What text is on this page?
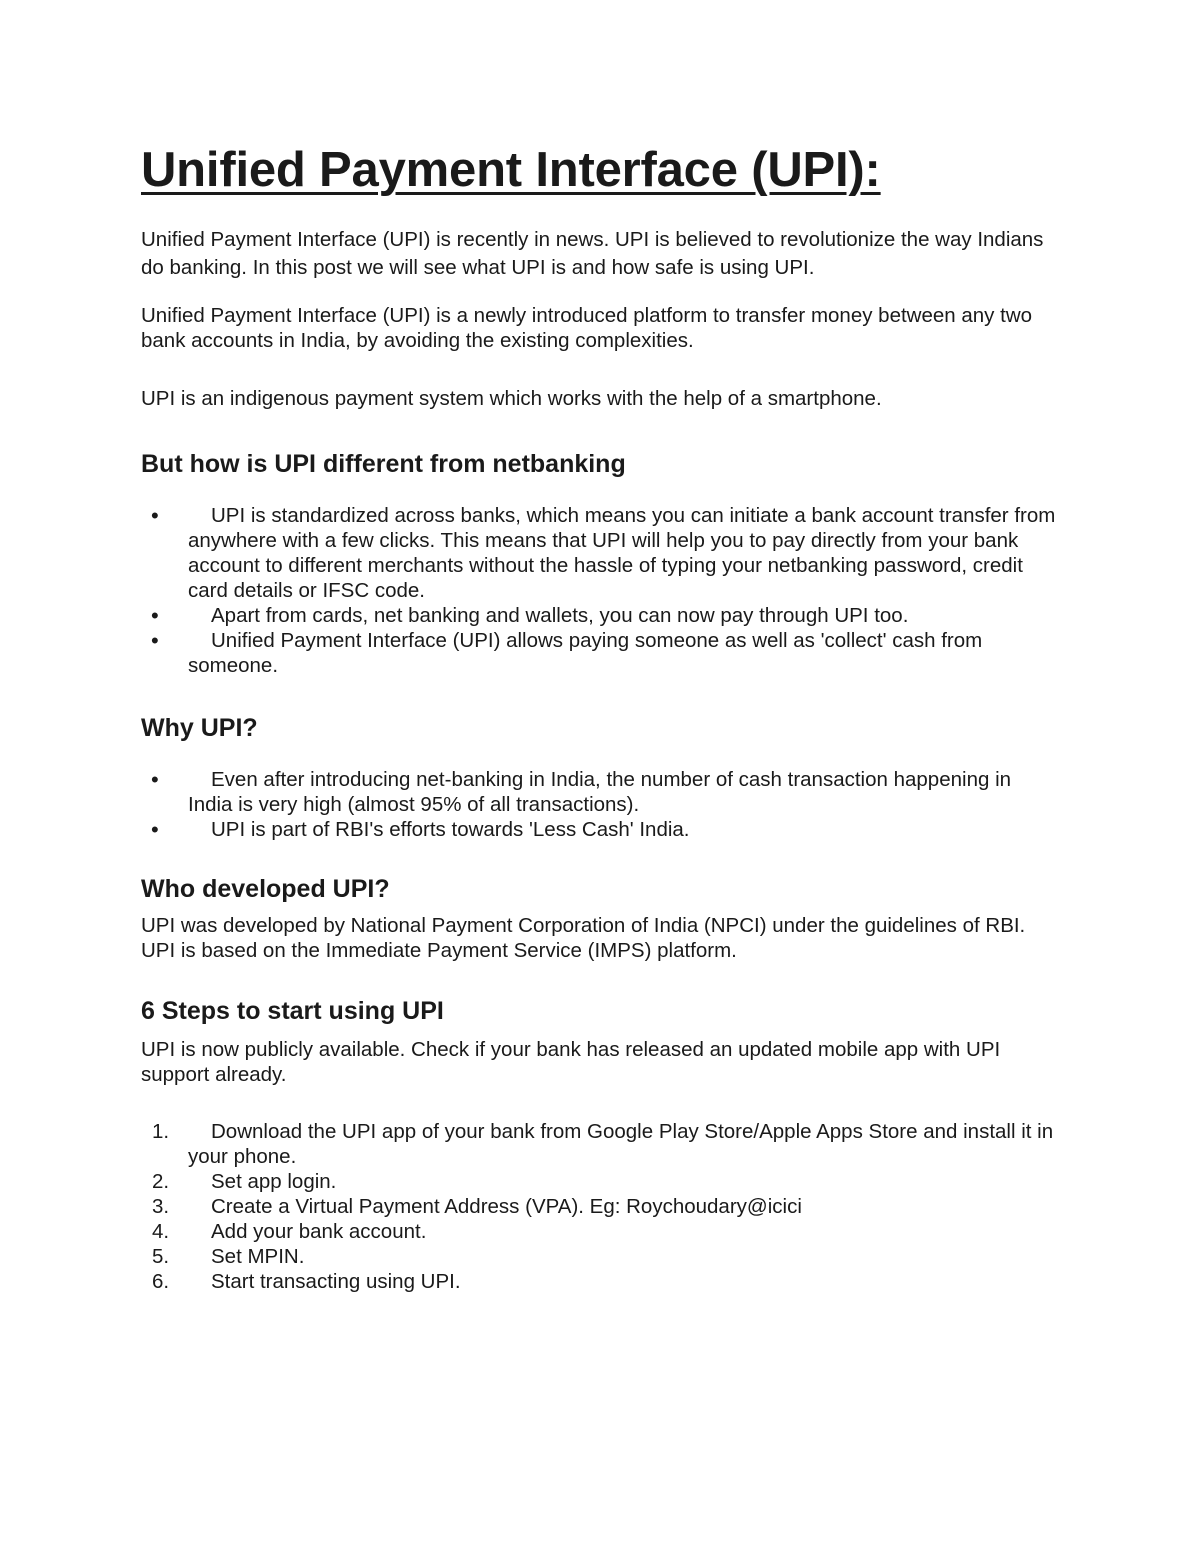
Unified Payment Interface (UPI):

Unified Payment Interface (UPI) is recently in news. UPI is believed to revolutionize the way Indians do banking. In this post we will see what UPI is and how safe is using UPI.

Unified Payment Interface (UPI) is a newly introduced platform to transfer money between any two bank accounts in India, by avoiding the existing complexities.

UPI is an indigenous payment system which works with the help of a smartphone.

But how is UPI different from netbanking
•	UPI is standardized across banks, which means you can initiate a bank account transfer from anywhere with a few clicks. This means that UPI will help you to pay directly from your bank account to different merchants without the hassle of typing your netbanking password, credit card details or IFSC code.
•	Apart from cards, net banking and wallets, you can now pay through UPI too.
•	Unified Payment Interface (UPI) allows paying someone as well as 'collect' cash from someone.
Why UPI?
•	Even after introducing net-banking in India, the number of cash transaction happening in India is very high (almost 95% of all transactions).
•	UPI is part of RBI's efforts towards 'Less Cash' India.
Who developed UPI?

UPI was developed by National Payment Corporation of India (NPCI) under the guidelines of RBI. UPI is based on the Immediate Payment Service (IMPS) platform.

6 Steps to start using UPI

UPI is now publicly available. Check if your bank has released an updated mobile app with UPI support already.

1. Download the UPI app of your bank from Google Play Store/Apple Apps Store and install it in your phone.
2. Set app login.
3. Create a Virtual Payment Address (VPA). Eg: Roychoudary@icici
4. Add your bank account.
5. Set MPIN.
6. Start transacting using UPI.
